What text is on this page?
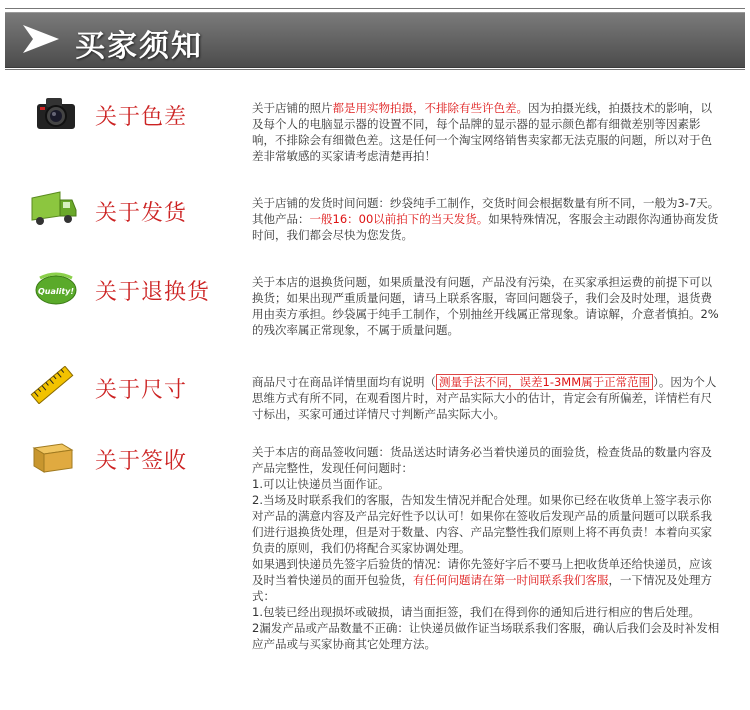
买家须知
关于色差	关于店铺的照片都是用实物拍摄，不排除有些许色差。因为拍摄光线，拍摄技术的影响，以及每个人的电脑显示器的设置不同，每个品牌的显示器的显示颜色都有细微差别等因素影响，不排除会有细微色差。这是任何一个淘宝网络销售卖家都无法克服的问题，所以对于色差非常敏感的买家请考虑清楚再拍！

关于发货	关于店铺的发货时间问题：纱袋纯手工制作，交货时间会根据数量有所不同，一般为3-7天。

其他产品：一般16：00以前拍下的当天发货。如果特殊情况，客服会主动跟你沟通协商发货时间，我们都会尽快为您发货。

Quality! 关于退换货	关于本店的退换货问题，如果质量没有问题，产品没有污染，在买家承担运费的前提下可以换货；如果出现严重质量问题，请马上联系客服，寄回问题袋子，我们会及时处理，退货费用由卖方承担。纱袋属于纯手工制作，个别抽丝开线属正常现象。请谅解，介意者慎拍。2%的残次率属正常现象，不属于质量问题。
关于尺寸	商品尺寸在商品详情里面均有说明（ 测量手法不同，误差1-3MM属于正常范围 ）。因为个人思维方式有所不同，在观看图片时，对产品实际大小的估计，肯定会有所偏差，详情栏有尺寸标出，买家可通过详情尺寸判断产品实际大小。

关于签收	关于本店的商品签收问题：货品送达时请务必当着快递员的面验货，检查货品的数量内容及产品完整性，发现任何问题时：

1.可以让快递员当面作证。

2.当场及时联系我们的客服，告知发生情况并配合处理。如果你已经在收货单上签字表示你对产品的满意内容及产品完好性予以认可！如果你在签收后发现产品的质量问题可以联系我们进行退换货处理，但是对于数量、内容、产品完整性我们原则上将不再负责！本着向买家负责的原则，我们仍将配合买家协调处理。

如果遇到快递员先签字后验货的情况：请你先签好字后不要马上把收货单还给快递员，应该及时当着快递员的面开包验货，有任何问题请在第一时间联系我们客服，一下情况及处理方式：

1.包装已经出现损坏或破损，请当面拒签，我们在得到你的通知后进行相应的售后处理。

2漏发产品或产品数量不正确：让快递员做作证当场联系我们客服，确认后我们会及时补发相应产品或与买家协商其它处理方法。
